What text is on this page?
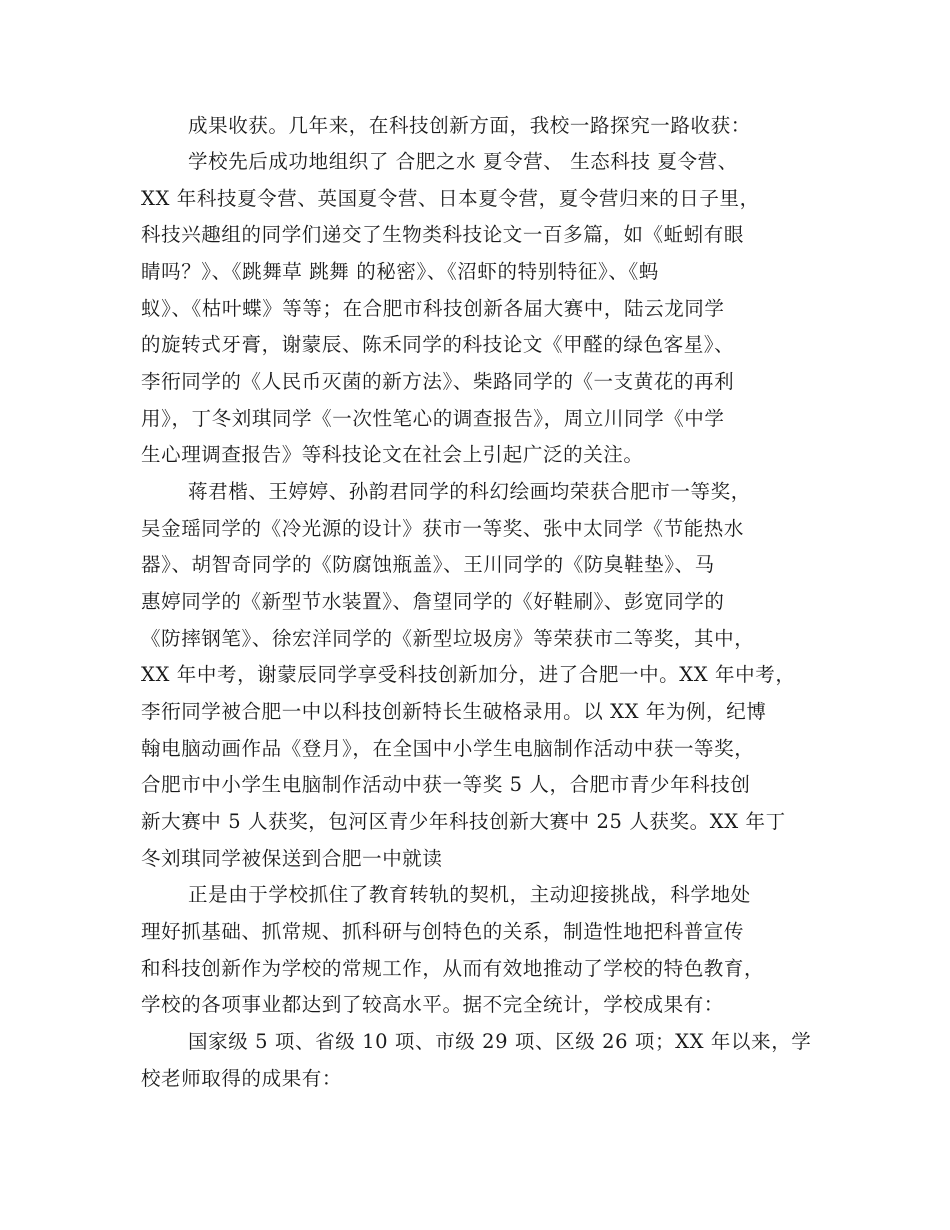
成果收获。几年来，在科技创新方面，我校一路探究一路收获：
学校先后成功地组织了 合肥之水 夏令营、 生态科技 夏令营、
XX 年科技夏令营、英国夏令营、日本夏令营，夏令营归来的日子里，
科技兴趣组的同学们递交了生物类科技论文一百多篇，如《蚯蚓有眼
睛吗？》、《跳舞草 跳舞 的秘密》、《沼虾的特别特征》、《蚂
蚁》、《枯叶蝶》等等；在合肥市科技创新各届大赛中，陆云龙同学
的旋转式牙膏，谢蒙辰、陈禾同学的科技论文《甲醛的绿色客星》、
李衎同学的《人民币灭菌的新方法》、柴路同学的《一支黄花的再利
用》，丁冬刘琪同学《一次性笔心的调查报告》，周立川同学《中学
生心理调查报告》等科技论文在社会上引起广泛的关注。
蒋君楷、王婷婷、孙韵君同学的科幻绘画均荣获合肥市一等奖，
吴金瑶同学的《冷光源的设计》获市一等奖、张中太同学《节能热水
器》、胡智奇同学的《防腐蚀瓶盖》、王川同学的《防臭鞋垫》、马
惠婷同学的《新型节水装置》、詹望同学的《好鞋刷》、彭宽同学的
《防摔钢笔》、徐宏洋同学的《新型垃圾房》等荣获市二等奖，其中，
XX 年中考，谢蒙辰同学享受科技创新加分，进了合肥一中。XX 年中考，
李衎同学被合肥一中以科技创新特长生破格录用。以 XX 年为例，纪博
翰电脑动画作品《登月》，在全国中小学生电脑制作活动中获一等奖，
合肥市中小学生电脑制作活动中获一等奖 5 人，合肥市青少年科技创
新大赛中 5 人获奖，包河区青少年科技创新大赛中 25 人获奖。XX 年丁
冬刘琪同学被保送到合肥一中就读
正是由于学校抓住了教育转轨的契机，主动迎接挑战，科学地处
理好抓基础、抓常规、抓科研与创特色的关系，制造性地把科普宣传
和科技创新作为学校的常规工作，从而有效地推动了学校的特色教育，
学校的各项事业都达到了较高水平。据不完全统计，学校成果有：
国家级 5 项、省级 10 项、市级 29 项、区级 26 项；XX 年以来，学
校老师取得的成果有：
